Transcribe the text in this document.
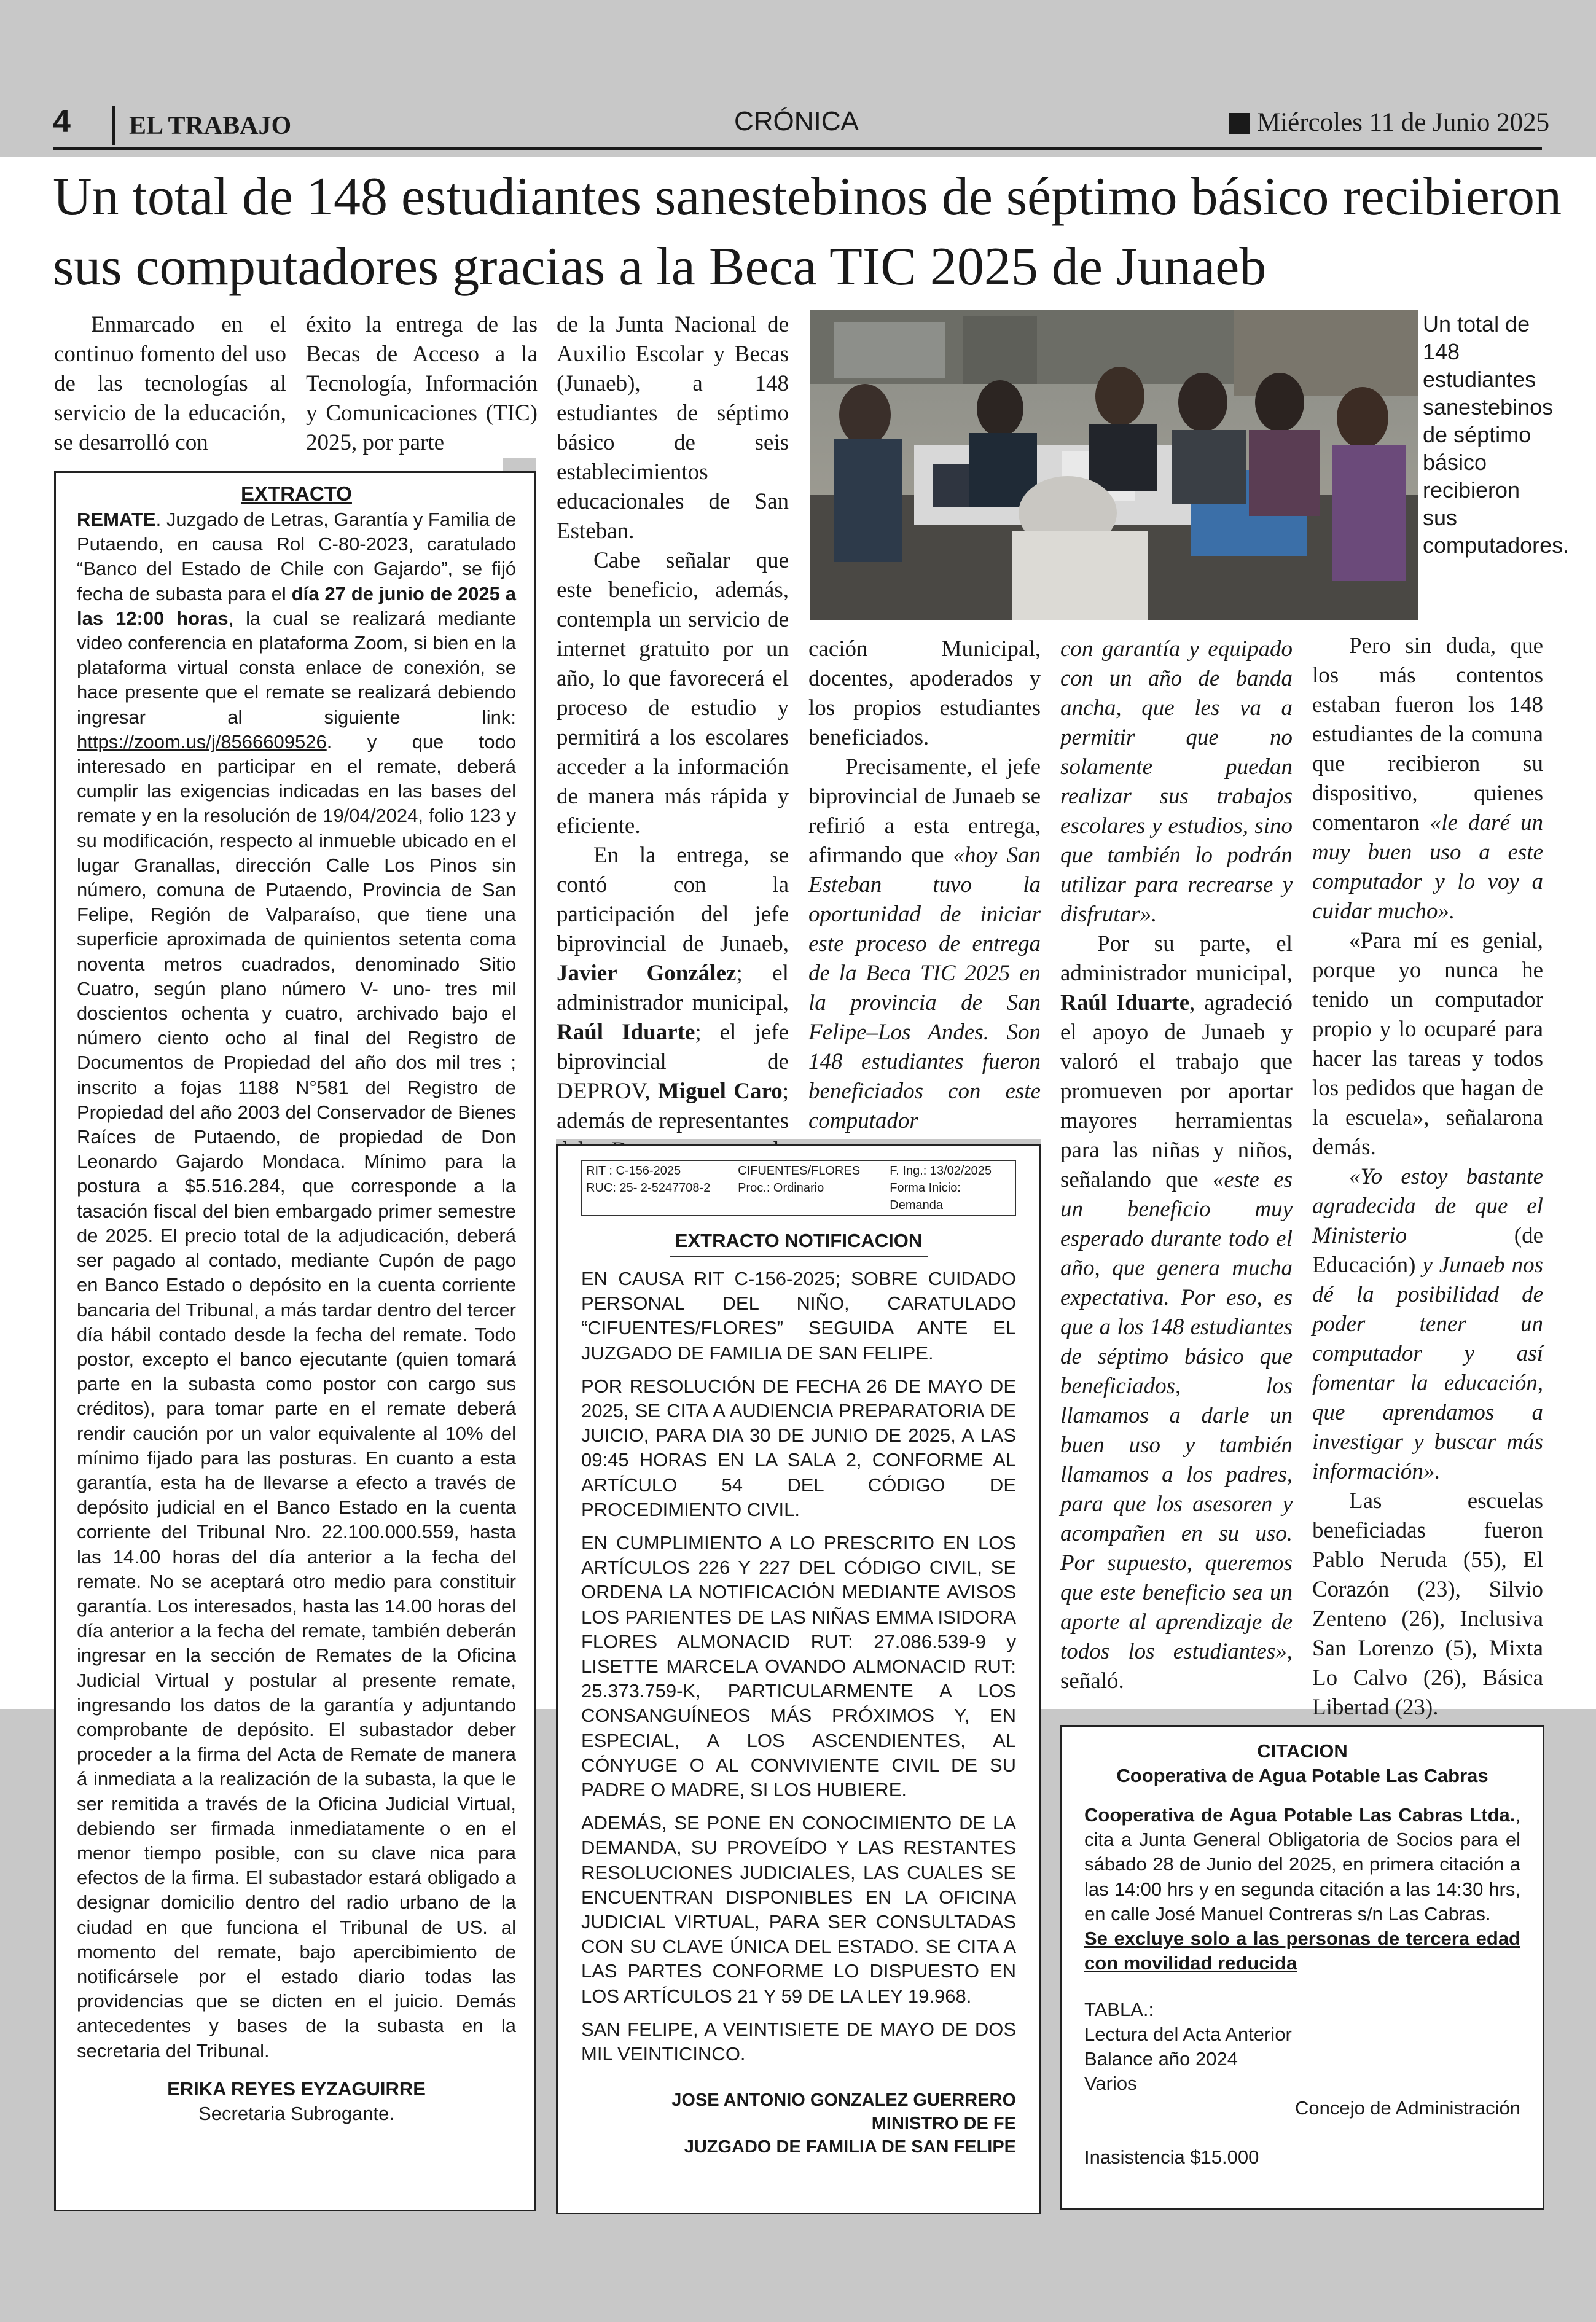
4 EL TRABAJO	CRÓNICA	Miércoles 11 de Junio 2025
Un total de 148 estudiantes sanestebinos de séptimo básico recibieron
sus computadores gracias a la Beca TIC 2025 de Junaeb

Enmarcado en el continuo fomento del uso de las tecnologías al servicio de la educación, se desarrolló con

éxito la entrega de las Becas de Acceso a la Tecnología, Información y Comunicaciones (TIC) 2025, por parte

de la Junta Nacional de Auxilio Escolar y Becas (Junaeb), a 148 estudiantes de séptimo básico de seis establecimientos educacionales de San Esteban.

Cabe señalar que este beneficio, además, contempla un servicio de internet gratuito por un año, lo que favorecerá el proceso de estudio y permitirá a los escolares acceder a la información de manera más rápida y eficiente.

En la entrega, se contó con la participación del jefe biprovincial de Junaeb, Javier González; el administrador municipal, Raúl Iduarte; el jefe biprovincial de DEPROV, Miguel Caro; además de representantes

Un total de 148 estudiantes sanestebinos de séptimo básico recibieron sus computadores.

cación Municipal, docentes, apoderados y los propios estudiantes beneficiados.

Precisamente, el jefe biprovincial de Junaeb se refirió a esta entrega, afirmando que «hoy San Esteban tuvo la oportunidad de iniciar este proceso de entrega de la Beca TIC 2025 en la provincia de San Felipe–Los Andes. Son 148 estudiantes fueron beneficiados con este computador

con garantía y equipado con un año de banda ancha, que les va a permitir que no solamente puedan realizar sus trabajos escolares y estudios, sino que también lo podrán utilizar para recrearse y disfrutar».

Por su parte, el administrador municipal, Raúl Iduarte, agradeció el apoyo de Junaeb y valoró el trabajo que promueven por aportar mayores herramientas para las niñas y niños, señalando que «este es un beneficio muy esperado durante todo el año, que genera mucha expectativa. Por eso, es que a los 148 estudiantes de séptimo básico que beneficiados, los llamamos a darle un buen uso y también llamamos a los padres, para que los asesoren y acompañen en su uso. Por supuesto, queremos que este beneficio sea un aporte al aprendizaje de todos los estudiantes», señaló.

Pero sin duda, que los más contentos estaban fueron los 148 estudiantes de la comuna que recibieron su dispositivo, quienes comentaron «le daré un muy buen uso a este computador y lo voy a cuidar mucho».

«Para mí es genial, porque yo nunca he tenido un computador propio y lo ocuparé para hacer las tareas y todos los pedidos que hagan de la escuela», señalarona demás.

«Yo estoy bastante agradecida de que el Ministerio (de Educación) y Junaeb nos dé la posibilidad de poder tener un computador y así fomentar la educación, que aprendamos a investigar y buscar más información».

Las escuelas beneficiadas fueron Pablo Neruda (55), El Corazón (23), Silvio Zenteno (26), Inclusiva San Lorenzo (5), Mixta Lo Calvo (26), Básica Libertad (23).

EXTRACTO

REMATE. Juzgado de Letras, Garantía y Familia de Putaendo, en causa Rol C-80-2023, caratulado “Banco del Estado de Chile con Gajardo”, se fijó fecha de subasta para el día 27 de junio de 2025 a las 12:00 horas, la cual se realizará mediante video conferencia en plataforma Zoom, si bien en la plataforma virtual consta enlace de conexión, se hace presente que el remate se realizará debiendo ingresar al siguiente link: https://zoom.us/j/8566609526. y que todo interesado en participar en el remate, deberá cumplir las exigencias indicadas en las bases del remate y en la resolución de 19/04/2024, folio 123 y su modificación, respecto al inmueble ubicado en el lugar Granallas, dirección Calle Los Pinos sin número, comuna de Putaendo, Provincia de San Felipe, Región de Valparaíso, que tiene una superficie aproximada de quinientos setenta coma noventa metros cuadrados, denominado Sitio Cuatro, según plano número V- uno- tres mil doscientos ochenta y cuatro, archivado bajo el número ciento ocho al final del Registro de Documentos de Propiedad del año dos mil tres ; inscrito a fojas 1188 N°581 del Registro de Propiedad del año 2003 del Conservador de Bienes Raíces de Putaendo, de propiedad de Don Leonardo Gajardo Mondaca. Mínimo para la postura a $5.516.284, que corresponde a la tasación fiscal del bien embargado primer semestre de 2025. El precio total de la adjudicación, deberá ser pagado al contado, mediante Cupón de pago en Banco Estado o depósito en la cuenta corriente bancaria del Tribunal, a más tardar dentro del tercer día hábil contado desde la fecha del remate. Todo postor, excepto el banco ejecutante (quien tomará parte en la subasta como postor con cargo sus créditos), para tomar parte en el remate deberá rendir caución por un valor equivalente al 10% del mínimo fijado para las posturas. En cuanto a esta garantía, esta ha de llevarse a efecto a través de depósito judicial en el Banco Estado en la cuenta corriente del Tribunal Nro. 22.100.000.559, hasta las 14.00 horas del día anterior a la fecha del remate. No se aceptará otro medio para constituir garantía. Los interesados, hasta las 14.00 horas del día anterior a la fecha del remate, también deberán ingresar en la sección de Remates de la Oficina Judicial Virtual y postular al presente remate, ingresando los datos de la garantía y adjuntando comprobante de depósito. El subastador deber proceder a la firma del Acta de Remate de manera á inmediata a la realización de la subasta, la que le ser remitida a través de la Oficina Judicial Virtual, debiendo ser firmada inmediatamente o en el menor tiempo posible, con su clave nica para efectos de la firma. El subastador estará obligado a designar domicilio dentro del radio urbano de la ciudad en que funciona el Tribunal de US. al momento del remate, bajo apercibimiento de notificársele por el estado diario todas las providencias que se dicten en el juicio. Demás antecedentes y bases de la subasta en la secretaria del Tribunal.

ERIKA REYES EYZAGUIRRE
Secretaria Subrogante.
RIT : C-156-2025
RUC: 25- 2-5247708-2
CIFUENTES/FLORES
Proc.: Ordinario
F. Ing.: 13/02/2025
Forma Inicio: Demanda
EXTRACTO NOTIFICACION

EN CAUSA RIT C-156-2025; SOBRE CUIDADO PERSONAL DEL NIÑO, CARATULADO “CIFUENTES/FLORES” SEGUIDA ANTE EL JUZGADO DE FAMILIA DE SAN FELIPE.

POR RESOLUCIÓN DE FECHA 26 DE MAYO DE 2025, SE CITA A AUDIENCIA PREPARATORIA DE JUICIO, PARA DIA 30 DE JUNIO DE 2025, A LAS 09:45 HORAS EN LA SALA 2, CONFORME AL ARTÍCULO 54 DEL CÓDIGO DE PROCEDIMIENTO CIVIL.

EN CUMPLIMIENTO A LO PRESCRITO EN LOS ARTÍCULOS 226 Y 227 DEL CÓDIGO CIVIL, SE ORDENA LA NOTIFICACIÓN MEDIANTE AVISOS LOS PARIENTES DE LAS NIÑAS EMMA ISIDORA FLORES ALMONACID RUT: 27.086.539-9 y LISETTE MARCELA OVANDO ALMONACID RUT: 25.373.759-K, PARTICULARMENTE A LOS CONSANGUÍNEOS MÁS PRÓXIMOS Y, EN ESPECIAL, A LOS ASCENDIENTES, AL CÓNYUGE O AL CONVIVIENTE CIVIL DE SU PADRE O MADRE, SI LOS HUBIERE.

ADEMÁS, SE PONE EN CONOCIMIENTO DE LA DEMANDA, SU PROVEÍDO Y LAS RESTANTES RESOLUCIONES JUDICIALES, LAS CUALES SE ENCUENTRAN DISPONIBLES EN LA OFICINA JUDICIAL VIRTUAL, PARA SER CONSULTADAS CON SU CLAVE ÚNICA DEL ESTADO. SE CITA A LAS PARTES CONFORME LO DISPUESTO EN LOS ARTÍCULOS 21 Y 59 DE LA LEY 19.968.

SAN FELIPE, A VEINTISIETE DE MAYO DE DOS MIL VEINTICINCO.

JOSE ANTONIO GONZALEZ GUERRERO
MINISTRO DE FE
JUZGADO DE FAMILIA DE SAN FELIPE
CITACION
Cooperativa de Agua Potable Las Cabras

Cooperativa de Agua Potable Las Cabras Ltda., cita a Junta General Obligatoria de Socios para el sábado 28 de Junio del 2025, en primera citación a las 14:00 hrs y en segunda citación a las 14:30 hrs, en calle José Manuel Contreras s/n Las Cabras.

Se excluye solo a las personas de tercera edad con movilidad reducida

TABLA.:
Lectura del Acta Anterior
Balance año 2024
Varios
Concejo de Administración
Inasistencia $15.000
